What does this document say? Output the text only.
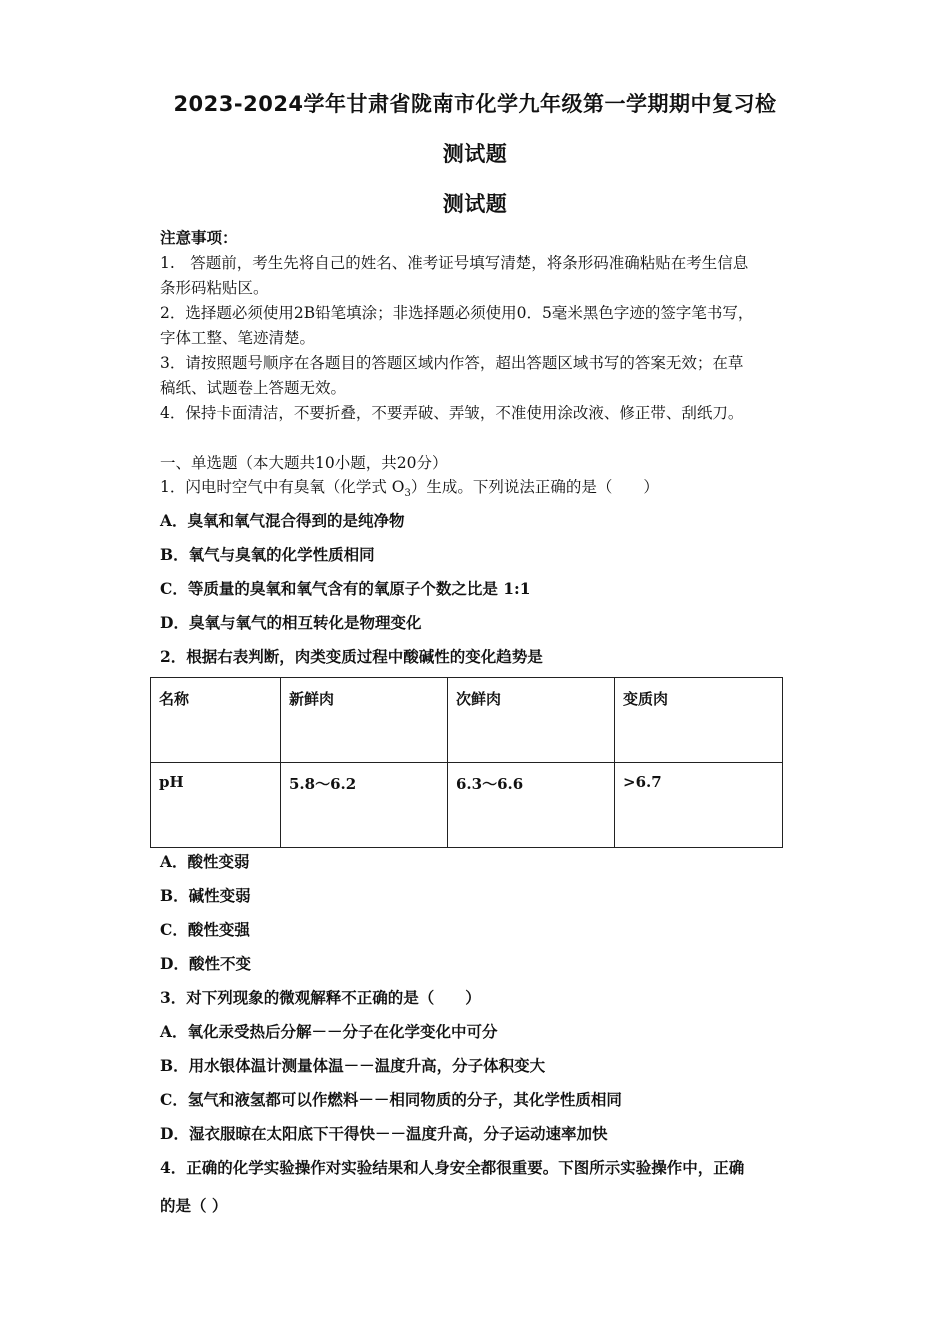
2023-2024学年甘肃省陇南市化学九年级第一学期期中复习检
测试题
测试题
注意事项：
1.　答题前，考生先将自己的姓名、准考证号填写清楚，将条形码准确粘贴在考生信息
条形码粘贴区。
2．选择题必须使用2B铅笔填涂；非选择题必须使用0．5毫米黑色字迹的签字笔书写，
字体工整、笔迹清楚。
3．请按照题号顺序在各题目的答题区域内作答，超出答题区域书写的答案无效；在草
稿纸、试题卷上答题无效。
4．保持卡面清洁，不要折叠，不要弄破、弄皱，不准使用涂改液、修正带、刮纸刀。
一、单选题（本大题共10小题，共20分）
1．闪电时空气中有臭氧（化学式 $O_3$）生成。下列说法正确的是（　　）
A．臭氧和氧气混合得到的是纯净物
B．氧气与臭氧的化学性质相同
C．等质量的臭氧和氧气含有的氧原子个数之比是 1:1
D．臭氧与氧气的相互转化是物理变化
2．根据右表判断，肉类变质过程中酸碱性的变化趋势是
名称	新鲜肉	次鲜肉	变质肉
pH	5.8～6.2	6.3～6.6	>6.7
A．酸性变弱
B．碱性变弱
C．酸性变强
D．酸性不变
3．对下列现象的微观解释不正确的是（　　）
A．氧化汞受热后分解－－分子在化学变化中可分
B．用水银体温计测量体温－－温度升高，分子体积变大
C．氢气和液氢都可以作燃料－－相同物质的分子，其化学性质相同
D．湿衣服晾在太阳底下干得快－－温度升高，分子运动速率加快
4．正确的化学实验操作对实验结果和人身安全都很重要。下图所示实验操作中，正确
的是（ ）
